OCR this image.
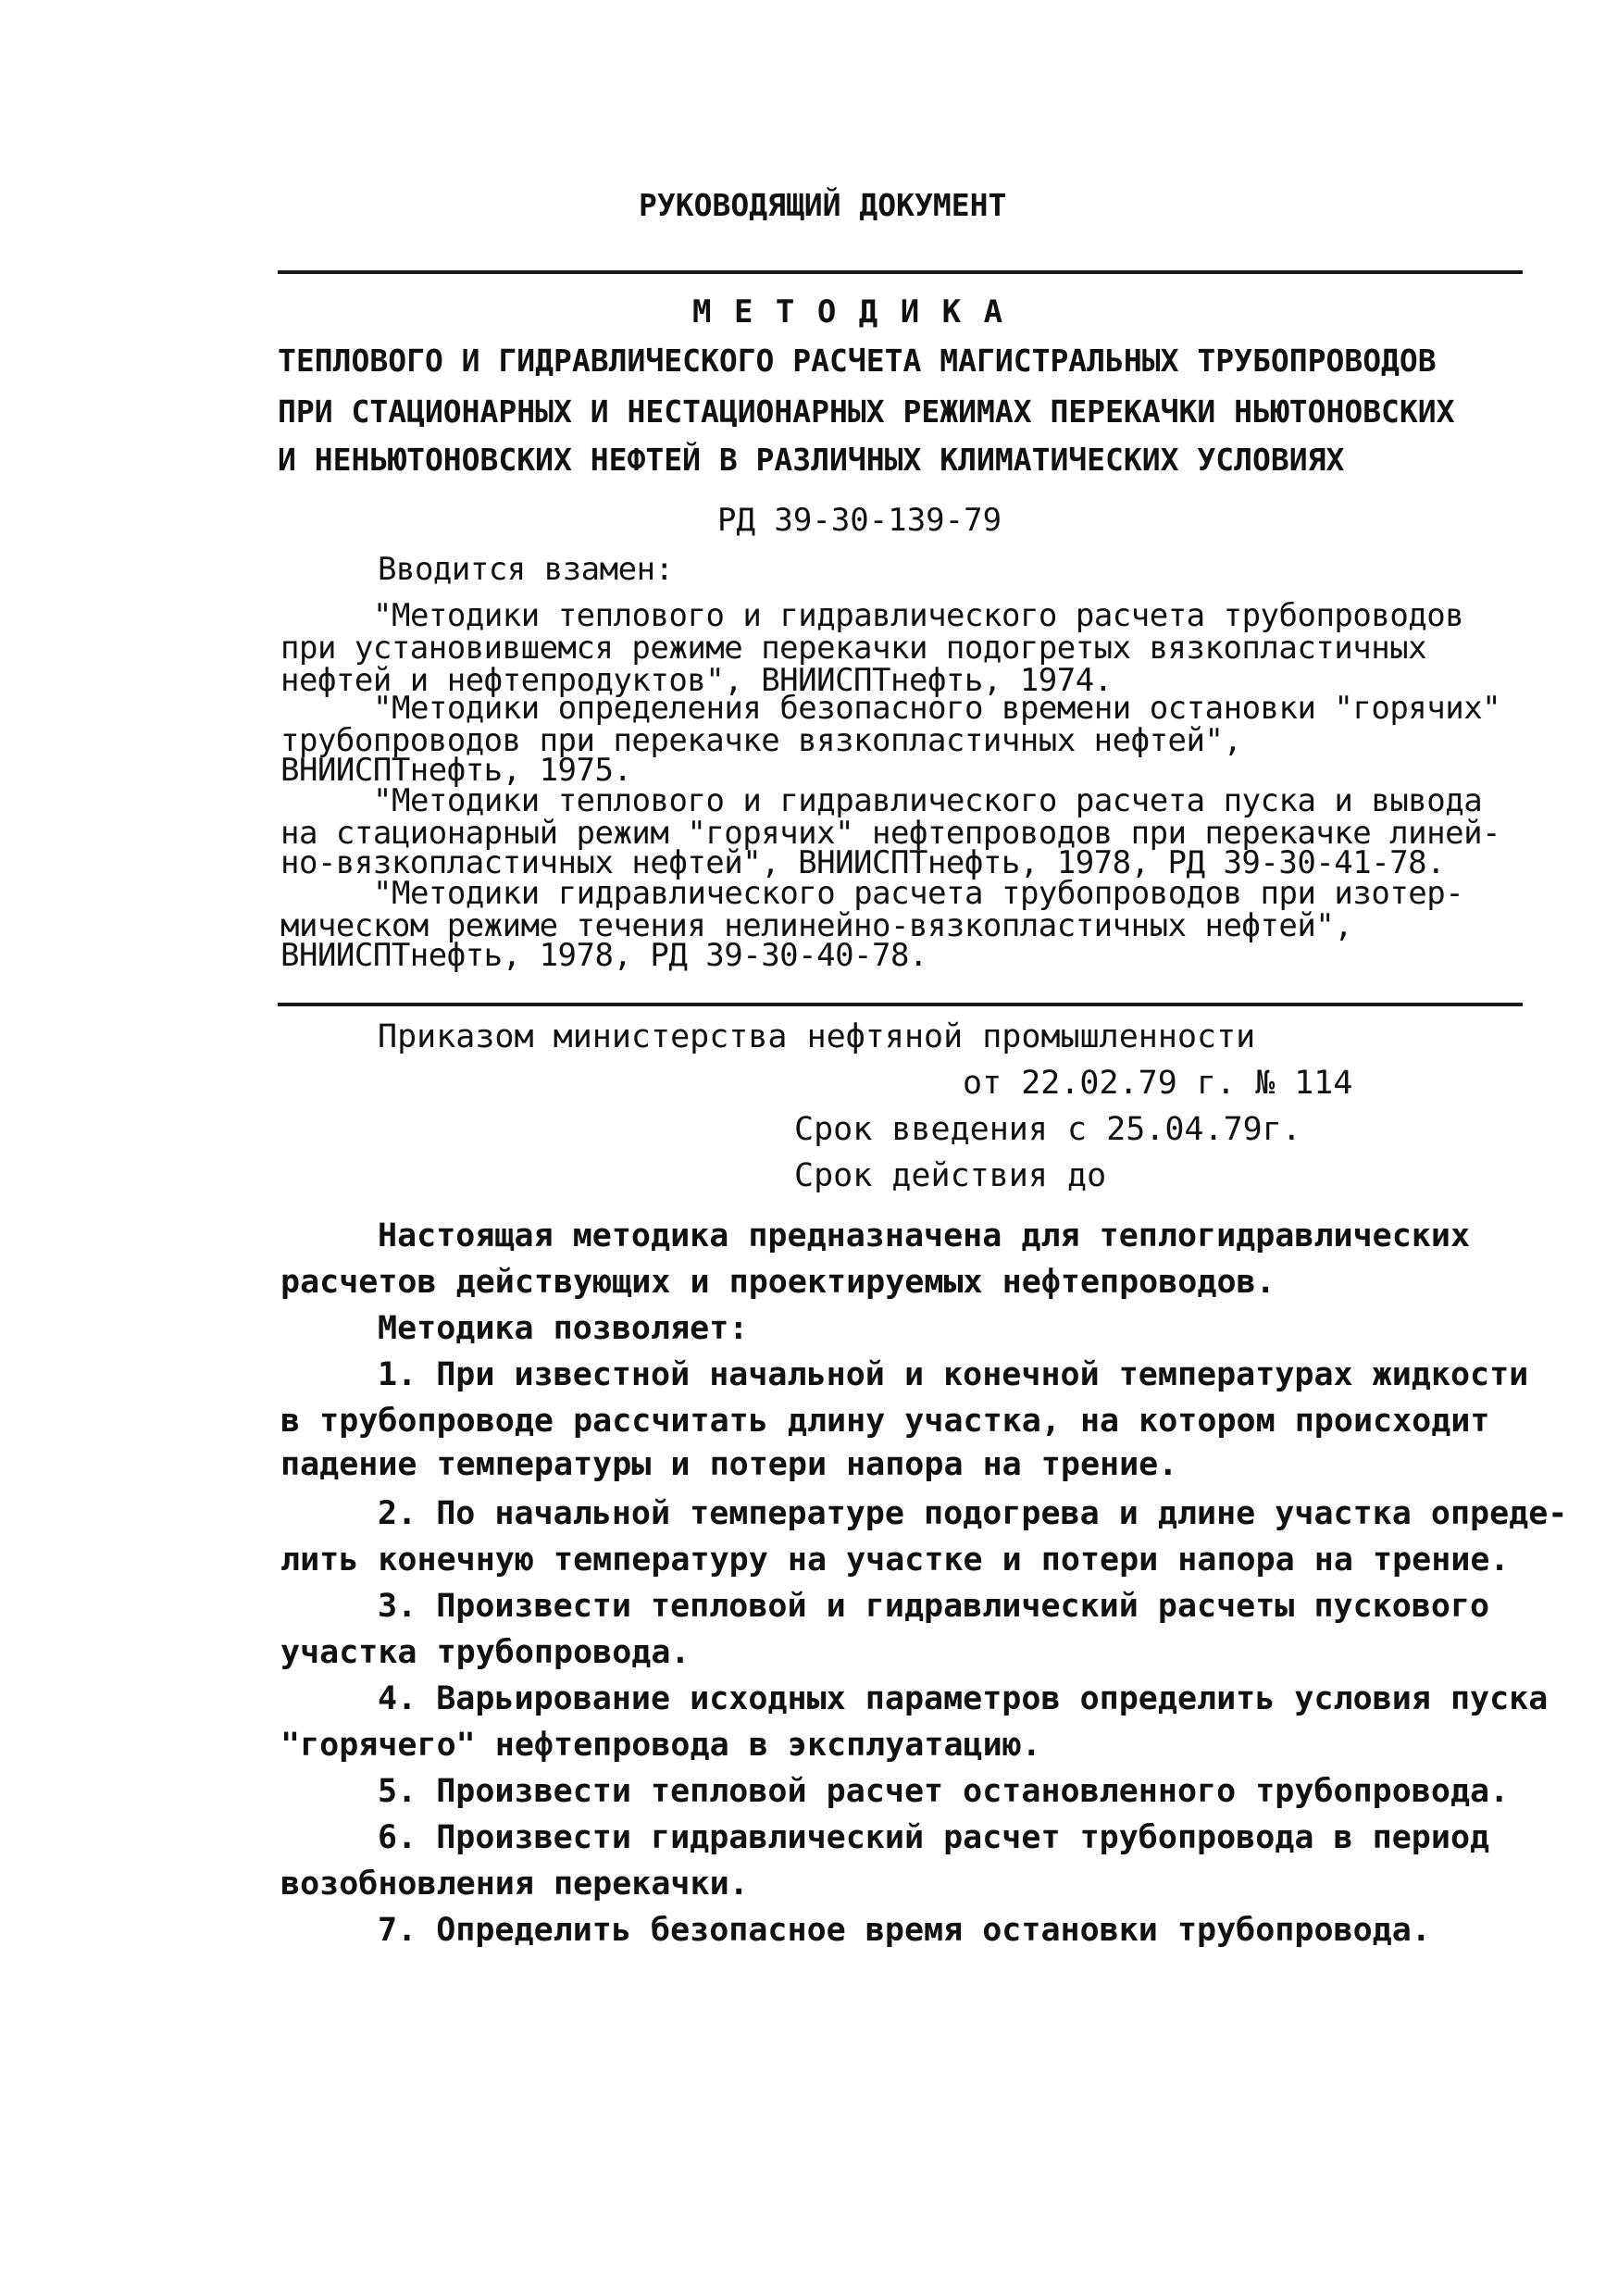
РУКОВОДЯЩИЙ ДОКУМЕНТ
М Е Т О Д И К А
ТЕПЛОВОГО И ГИДРАВЛИЧЕСКОГО РАСЧЕТА МАГИСТРАЛЬНЫХ ТРУБОПРОВОДОВ
ПРИ СТАЦИОНАРНЫХ И НЕСТАЦИОНАРНЫХ РЕЖИМАХ ПЕРЕКАЧКИ НЬЮТОНОВСКИХ
И НЕНЬЮТОНОВСКИХ НЕФТЕЙ В РАЗЛИЧНЫХ КЛИМАТИЧЕСКИХ УСЛОВИЯХ
РД 39-30-139-79
Вводится взамен:
"Методики теплового и гидравлического расчета трубопроводов
при установившемся режиме перекачки подогретых вязкопластичных
нефтей и нефтепродуктов", ВНИИСПТнефть, 1974.
"Методики определения безопасного времени остановки "горячих"
трубопроводов при перекачке вязкопластичных нефтей",
ВНИИСПТнефть, 1975.
"Методики теплового и гидравлического расчета пуска и вывода
на стационарный режим "горячих" нефтепроводов при перекачке линей-
но-вязкопластичных нефтей", ВНИИСПТнефть, 1978, РД 39-30-41-78.
"Методики гидравлического расчета трубопроводов при изотер-
мическом режиме течения нелинейно-вязкопластичных нефтей",
ВНИИСПТнефть, 1978, РД 39-30-40-78.
Приказом министерства нефтяной промышленности
от 22.02.79 г. № 114
Срок введения с 25.04.79г.
Срок действия до
Настоящая методика предназначена для теплогидравлических
расчетов действующих и проектируемых нефтепроводов.
Методика позволяет:
1. При известной начальной и конечной температурах жидкости
в трубопроводе рассчитать длину участка, на котором происходит
падение температуры и потери напора на трение.
2. По начальной температуре подогрева и длине участка опреде-
лить конечную температуру на участке и потери напора на трение.
3. Произвести тепловой и гидравлический расчеты пускового
участка трубопровода.
4. Варьирование исходных параметров определить условия пуска
"горячего" нефтепровода в эксплуатацию.
5. Произвести тепловой расчет остановленного трубопровода.
6. Произвести гидравлический расчет трубопровода в период
возобновления перекачки.
7. Определить безопасное время остановки трубопровода.
